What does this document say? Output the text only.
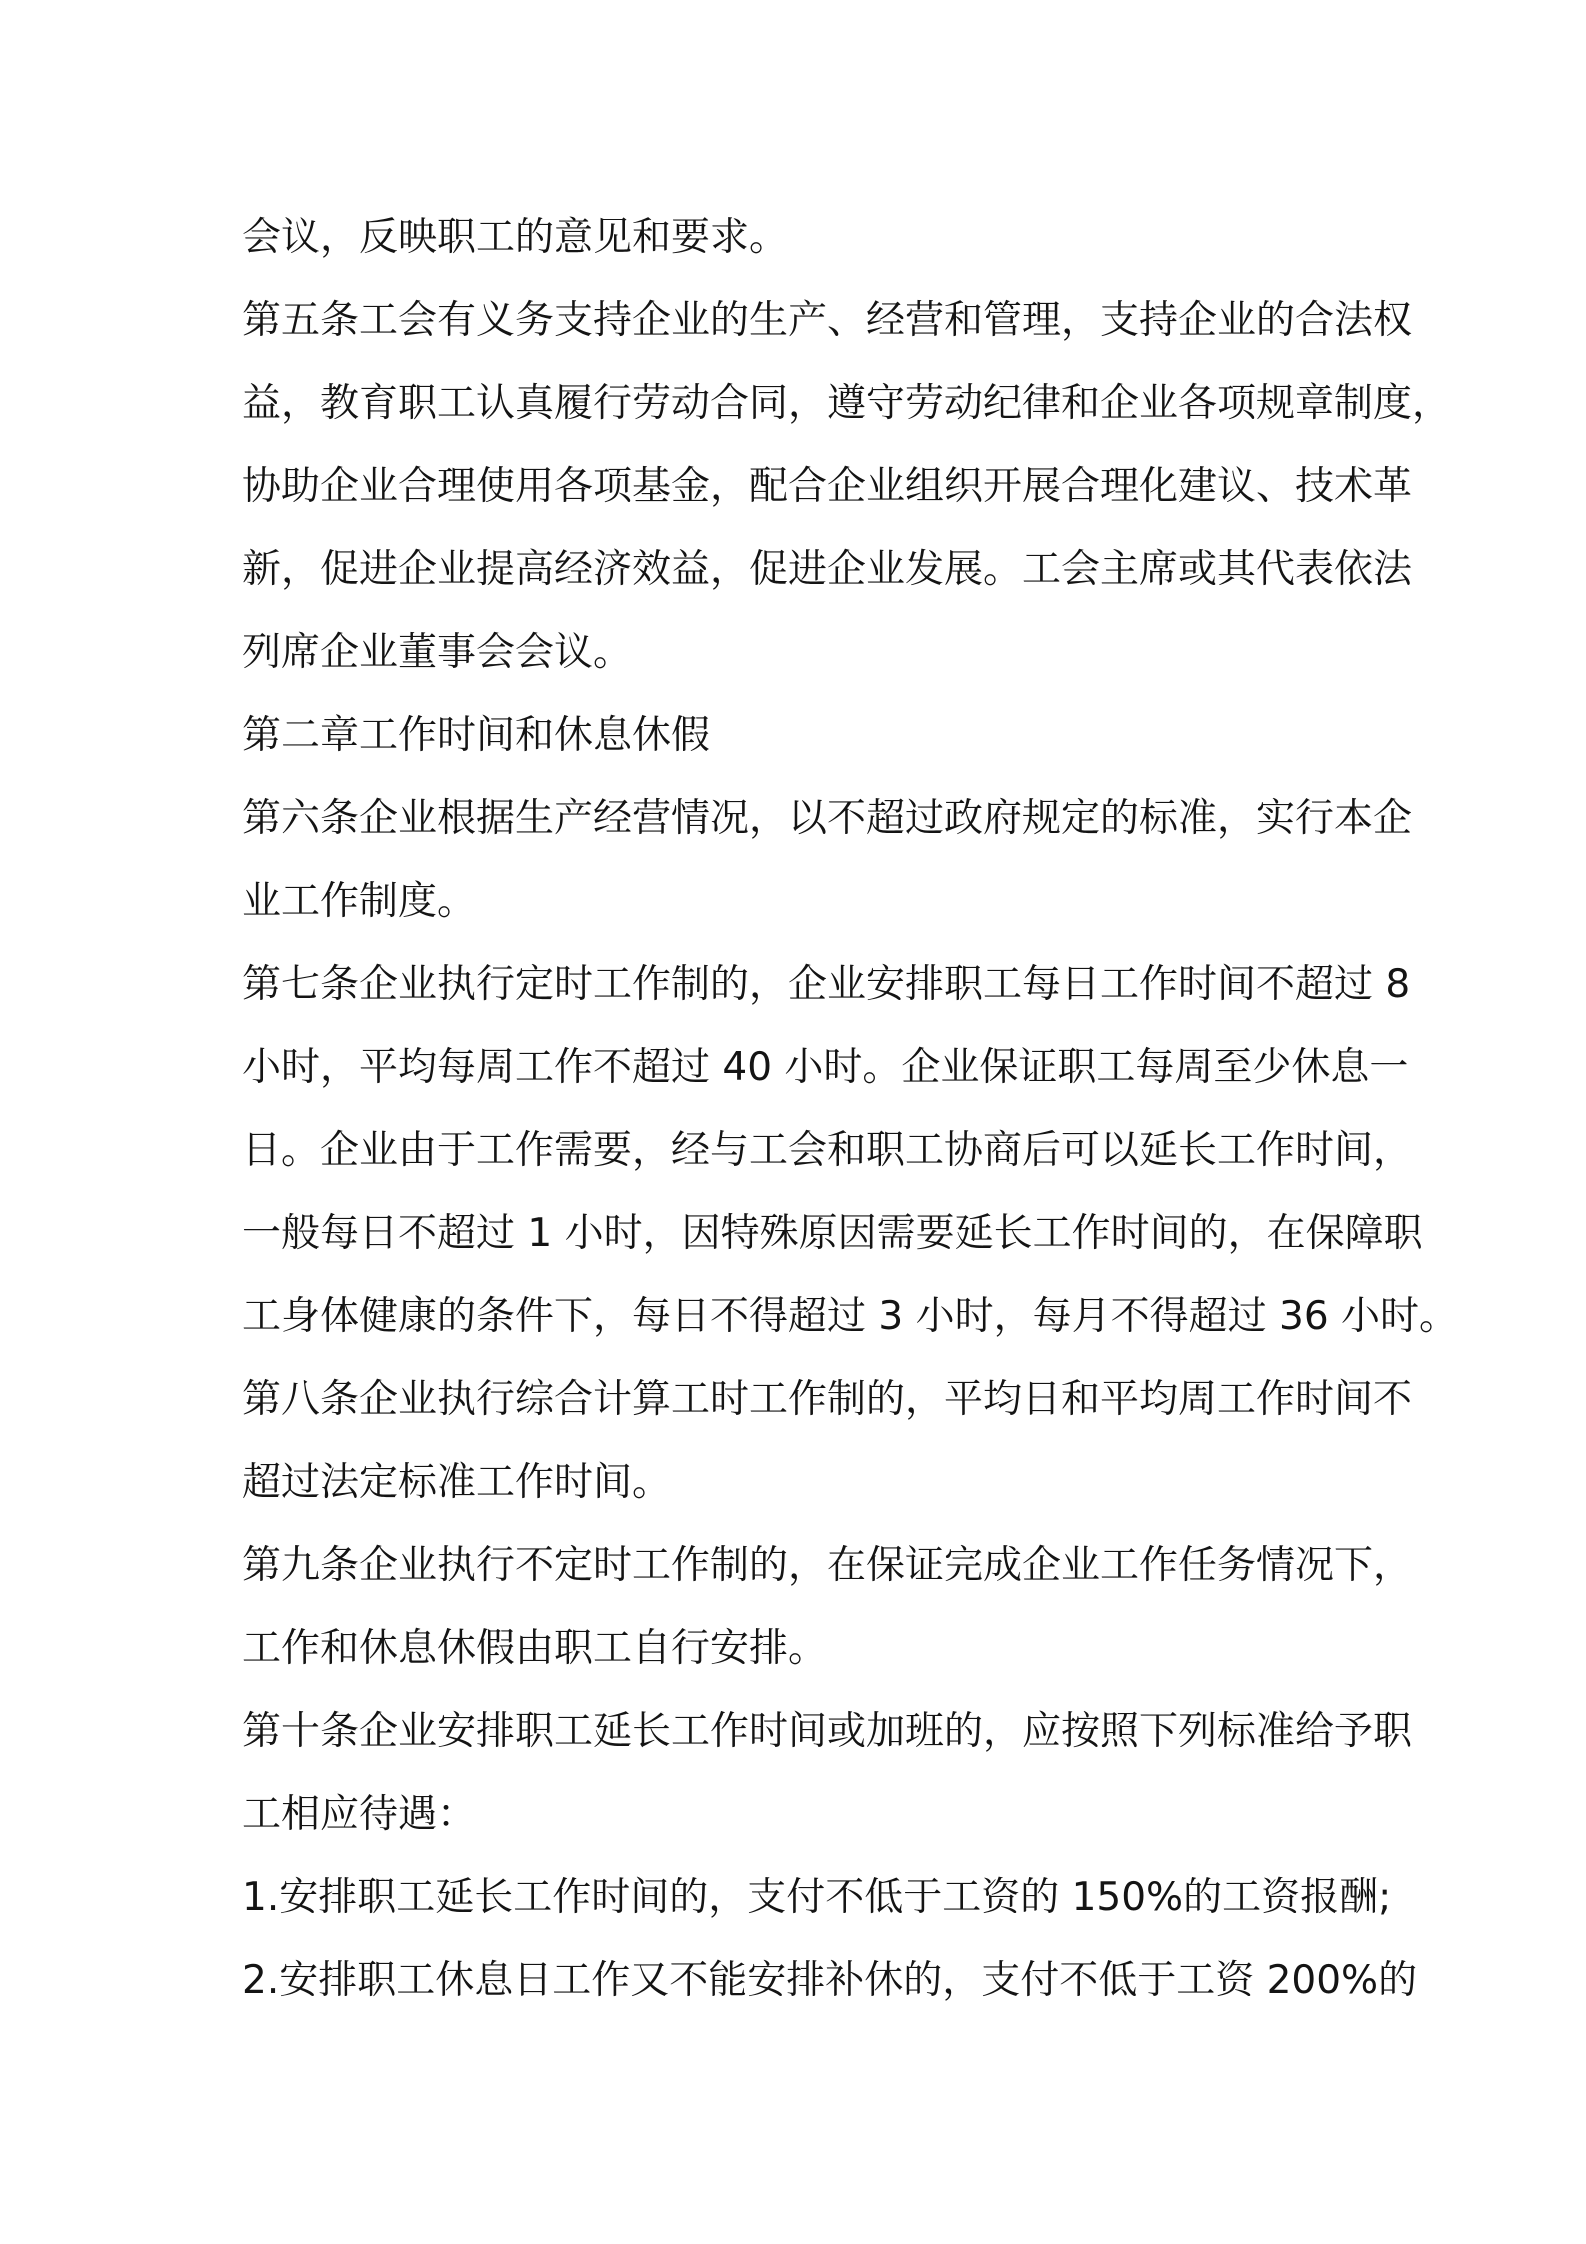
会议，反映职工的意见和要求。
第五条工会有义务支持企业的生产、经营和管理，支持企业的合法权
益，教育职工认真履行劳动合同，遵守劳动纪律和企业各项规章制度，
协助企业合理使用各项基金，配合企业组织开展合理化建议、技术革
新，促进企业提高经济效益，促进企业发展。工会主席或其代表依法
列席企业董事会会议。
第二章工作时间和休息休假
第六条企业根据生产经营情况，以不超过政府规定的标准，实行本企
业工作制度。
第七条企业执行定时工作制的，企业安排职工每日工作时间不超过 8
小时，平均每周工作不超过 40 小时。企业保证职工每周至少休息一
日。企业由于工作需要，经与工会和职工协商后可以延长工作时间，
一般每日不超过 1 小时，因特殊原因需要延长工作时间的，在保障职
工身体健康的条件下，每日不得超过 3 小时，每月不得超过 36 小时。
第八条企业执行综合计算工时工作制的，平均日和平均周工作时间不
超过法定标准工作时间。
第九条企业执行不定时工作制的，在保证完成企业工作任务情况下，
工作和休息休假由职工自行安排。
第十条企业安排职工延长工作时间或加班的，应按照下列标准给予职
工相应待遇：
1.安排职工延长工作时间的，支付不低于工资的 150%的工资报酬;
2.安排职工休息日工作又不能安排补休的，支付不低于工资 200%的
